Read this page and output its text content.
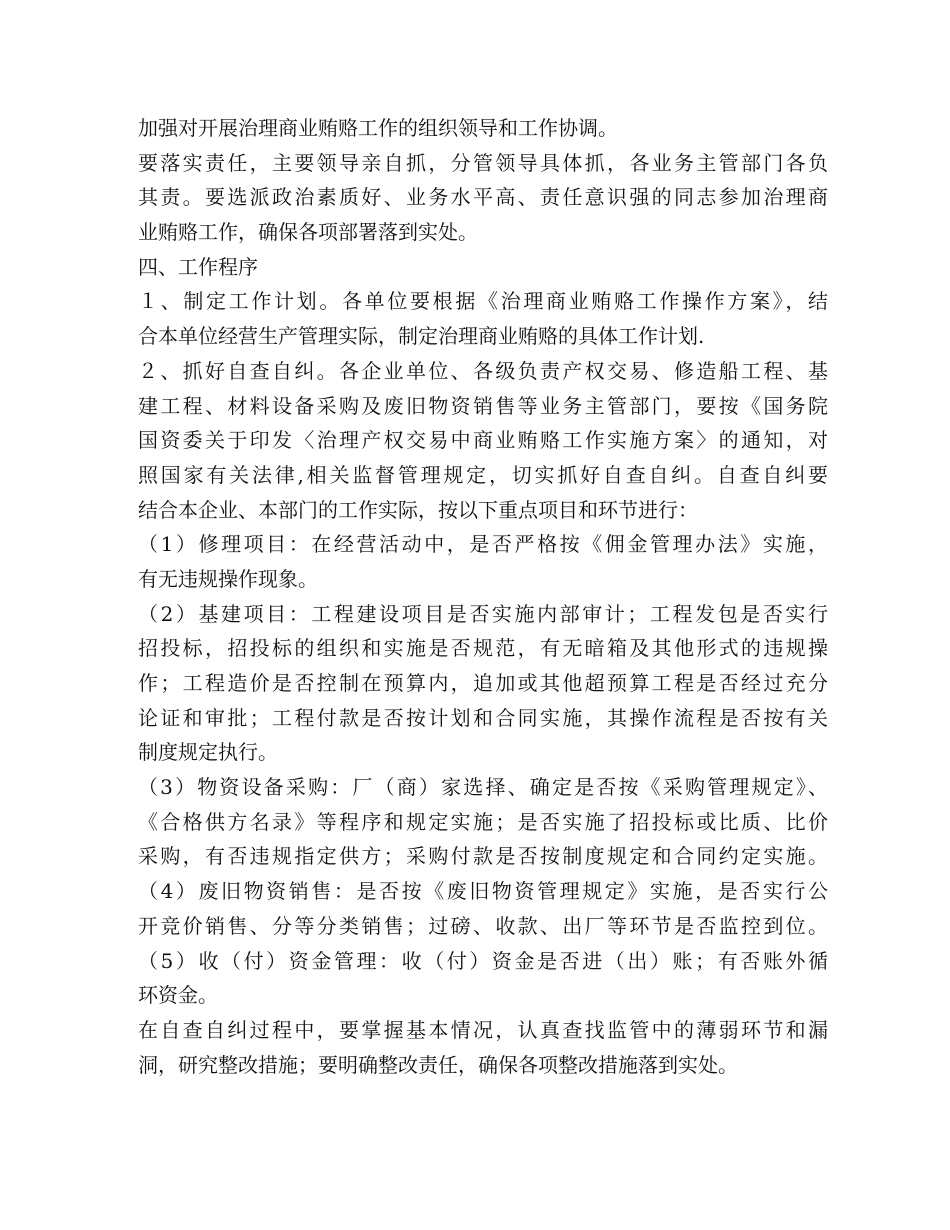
加强对开展治理商业贿赂工作的组织领导和工作协调。
要落实责任，主要领导亲自抓，分管领导具体抓，各业务主管部门各负
其责。要选派政治素质好、业务水平高、责任意识强的同志参加治理商
业贿赂工作，确保各项部署落到实处。
四、工作程序
１、制定工作计划。各单位要根据《治理商业贿赂工作操作方案》，结
合本单位经营生产管理实际，制定治理商业贿赂的具体工作计划.
２、抓好自查自纠。各企业单位、各级负责产权交易、修造船工程、基
建工程、材料设备采购及废旧物资销售等业务主管部门，要按《国务院
国资委关于印发〈治理产权交易中商业贿赂工作实施方案〉的通知，对
照国家有关法律,相关监督管理规定，切实抓好自查自纠。自查自纠要
结合本企业、本部门的工作实际，按以下重点项目和环节进行：
（1）修理项目：在经营活动中，是否严格按《佣金管理办法》实施，
有无违规操作现象。
（2）基建项目：工程建设项目是否实施内部审计；工程发包是否实行
招投标，招投标的组织和实施是否规范，有无暗箱及其他形式的违规操
作；工程造价是否控制在预算内，追加或其他超预算工程是否经过充分
论证和审批；工程付款是否按计划和合同实施，其操作流程是否按有关
制度规定执行。
（3）物资设备采购：厂（商）家选择、确定是否按《采购管理规定》、
《合格供方名录》等程序和规定实施；是否实施了招投标或比质、比价
采购，有否违规指定供方；采购付款是否按制度规定和合同约定实施。
（4）废旧物资销售：是否按《废旧物资管理规定》实施，是否实行公
开竞价销售、分等分类销售；过磅、收款、出厂等环节是否监控到位。
（5）收（付）资金管理：收（付）资金是否进（出）账；有否账外循
环资金。
在自查自纠过程中，要掌握基本情况，认真查找监管中的薄弱环节和漏
洞，研究整改措施；要明确整改责任，确保各项整改措施落到实处。
